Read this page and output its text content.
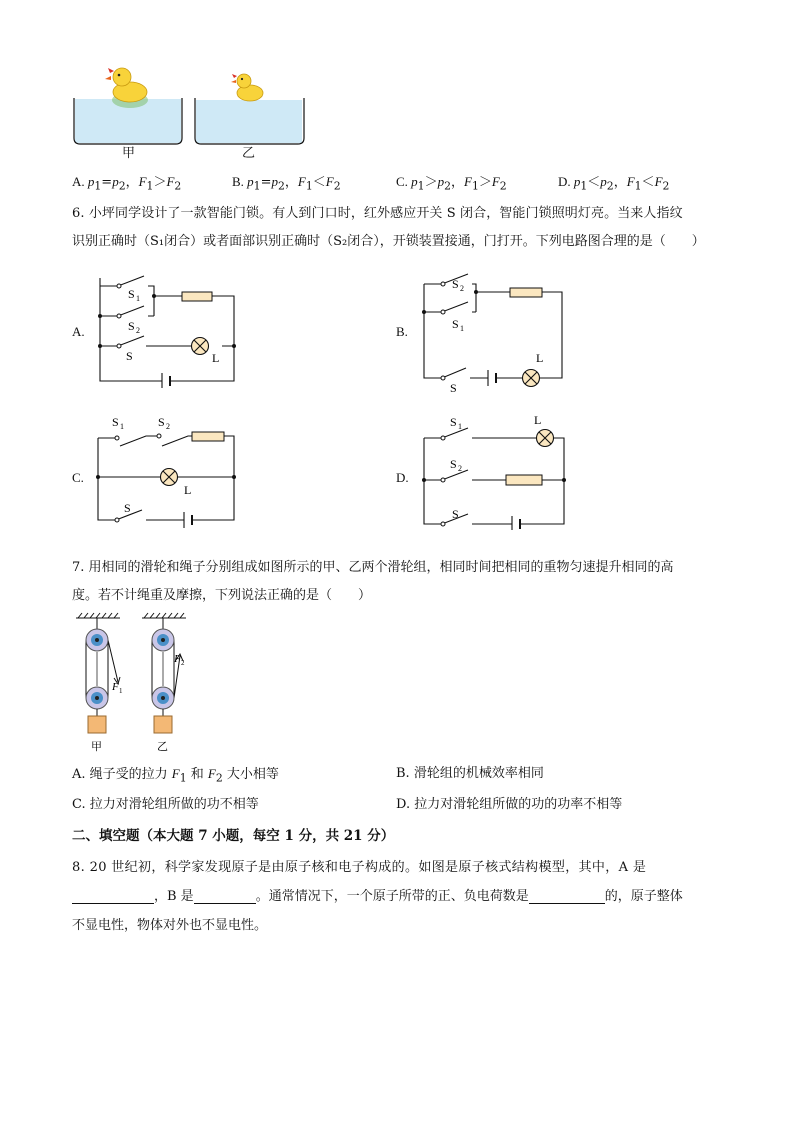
甲	乙
A. $p_1=p_2$，$F_1>F_2$	B. $p_1=p_2$，$F_1<F_2$	C. $p_1>p_2$，$F_1>F_2$	D. $p_1<p_2$，$F_1<F_2$
6. 小坪同学设计了一款智能门锁。有人到门口时，红外感应开关 S 闭合，智能门锁照明灯亮。当来人指纹
识别正确时（S₁闭合）或者面部识别正确时（S₂闭合），开锁装置接通，门打开。下列电路图合理的是（　　）
A.
S 1
S 2
S	L
B.
S 2
S 1
S
L
C.
S 1	S 2
S
L
D.
S 1
S 2
S
L
7. 用相同的滑轮和绳子分别组成如图所示的甲、乙两个滑轮组，相同时间把相同的重物匀速提升相同的高
度。若不计绳重及摩擦，下列说法正确的是（　　）
F 1
F 2
甲	乙
A. 绳子受的拉力 $F_1$ 和 $F_2$ 大小相等	B. 滑轮组的机械效率相同
C. 拉力对滑轮组所做的功不相等	D. 拉力对滑轮组所做的功的功率不相等
二、填空题（本大题 7 小题，每空 1 分，共 21 分）
8. 20 世纪初，科学家发现原子是由原子核和电子构成的。如图是原子核式结构模型，其中，A 是
，B 是	。通常情况下，一个原子所带的正、负电荷数是	的，原子整体
不显电性，物体对外也不显电性。
